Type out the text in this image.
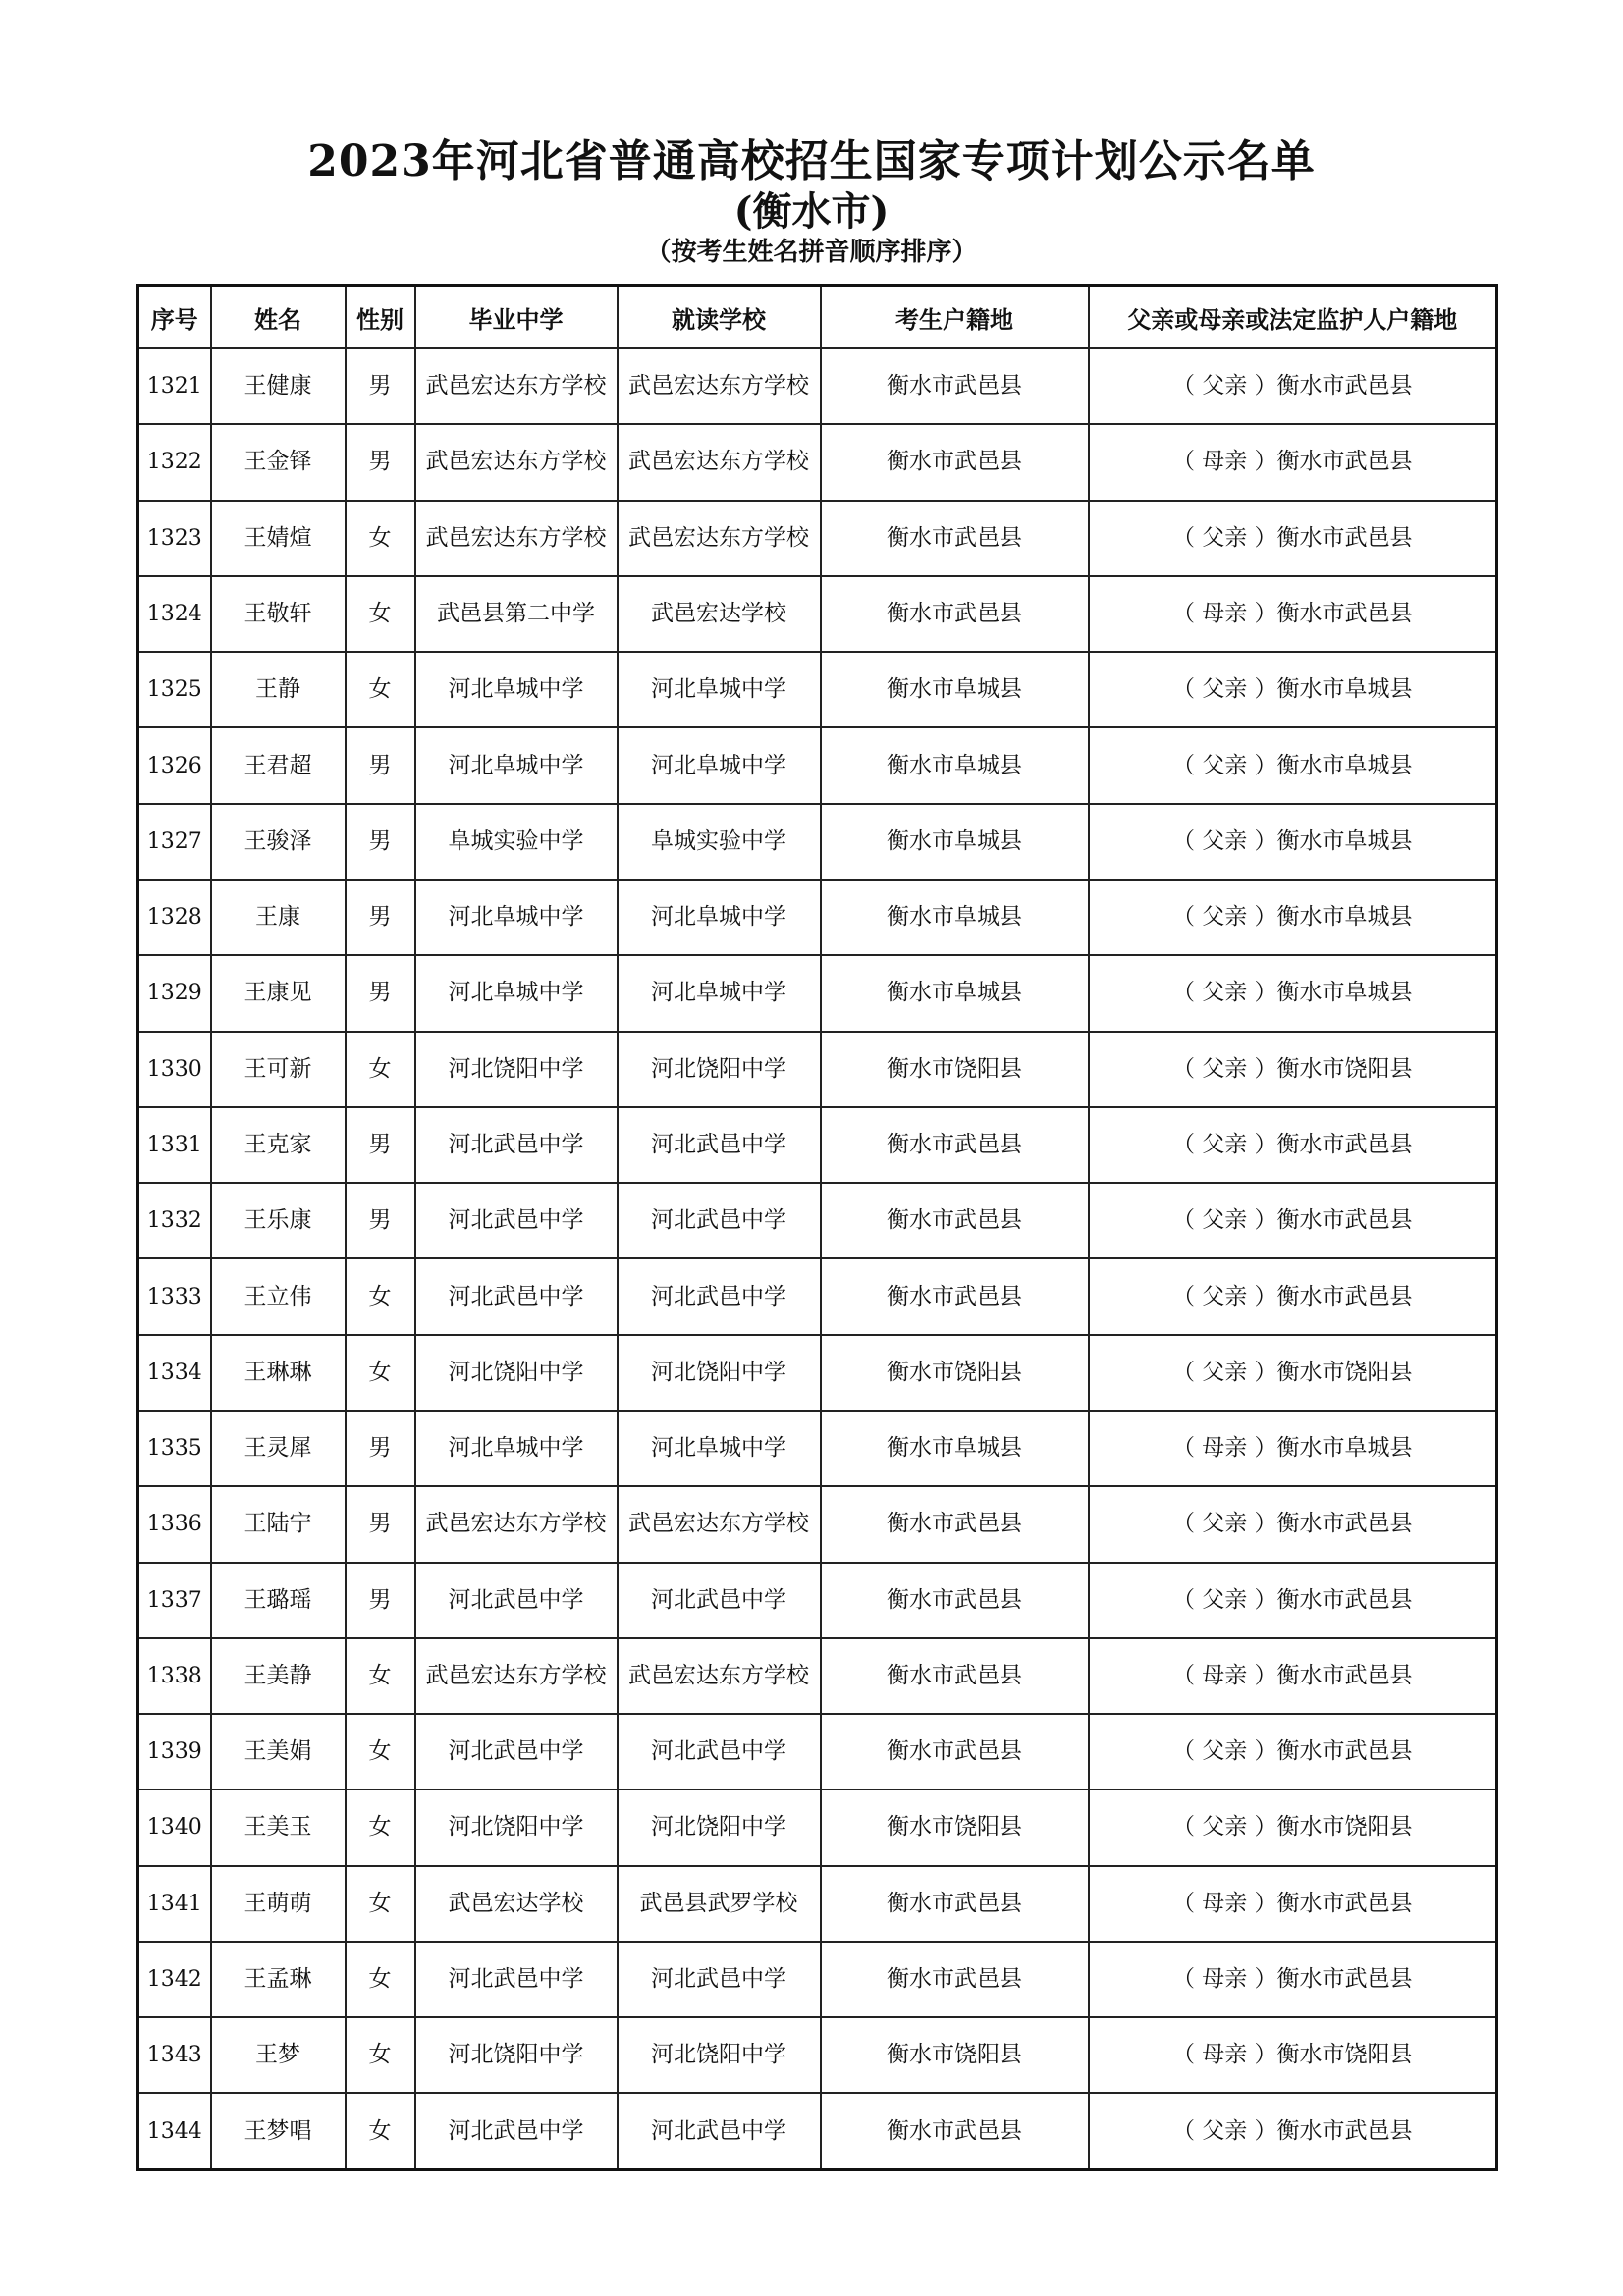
2023年河北省普通高校招生国家专项计划公示名单
(衡水市)
（按考生姓名拼音顺序排序）
序号	姓名	性别	毕业中学	就读学校	考生户籍地	父亲或母亲或法定监护人户籍地
1321	王健康	男	武邑宏达东方学校	武邑宏达东方学校	衡水市武邑县	（ 父亲 ）衡水市武邑县
1322	王金铎	男	武邑宏达东方学校	武邑宏达东方学校	衡水市武邑县	（ 母亲 ）衡水市武邑县
1323	王婧煊	女	武邑宏达东方学校	武邑宏达东方学校	衡水市武邑县	（ 父亲 ）衡水市武邑县
1324	王敬轩	女	武邑县第二中学	武邑宏达学校	衡水市武邑县	（ 母亲 ）衡水市武邑县
1325	王静	女	河北阜城中学	河北阜城中学	衡水市阜城县	（ 父亲 ）衡水市阜城县
1326	王君超	男	河北阜城中学	河北阜城中学	衡水市阜城县	（ 父亲 ）衡水市阜城县
1327	王骏泽	男	阜城实验中学	阜城实验中学	衡水市阜城县	（ 父亲 ）衡水市阜城县
1328	王康	男	河北阜城中学	河北阜城中学	衡水市阜城县	（ 父亲 ）衡水市阜城县
1329	王康见	男	河北阜城中学	河北阜城中学	衡水市阜城县	（ 父亲 ）衡水市阜城县
1330	王可新	女	河北饶阳中学	河北饶阳中学	衡水市饶阳县	（ 父亲 ）衡水市饶阳县
1331	王克家	男	河北武邑中学	河北武邑中学	衡水市武邑县	（ 父亲 ）衡水市武邑县
1332	王乐康	男	河北武邑中学	河北武邑中学	衡水市武邑县	（ 父亲 ）衡水市武邑县
1333	王立伟	女	河北武邑中学	河北武邑中学	衡水市武邑县	（ 父亲 ）衡水市武邑县
1334	王琳琳	女	河北饶阳中学	河北饶阳中学	衡水市饶阳县	（ 父亲 ）衡水市饶阳县
1335	王灵犀	男	河北阜城中学	河北阜城中学	衡水市阜城县	（ 母亲 ）衡水市阜城县
1336	王陆宁	男	武邑宏达东方学校	武邑宏达东方学校	衡水市武邑县	（ 父亲 ）衡水市武邑县
1337	王璐瑶	男	河北武邑中学	河北武邑中学	衡水市武邑县	（ 父亲 ）衡水市武邑县
1338	王美静	女	武邑宏达东方学校	武邑宏达东方学校	衡水市武邑县	（ 母亲 ）衡水市武邑县
1339	王美娟	女	河北武邑中学	河北武邑中学	衡水市武邑县	（ 父亲 ）衡水市武邑县
1340	王美玉	女	河北饶阳中学	河北饶阳中学	衡水市饶阳县	（ 父亲 ）衡水市饶阳县
1341	王萌萌	女	武邑宏达学校	武邑县武罗学校	衡水市武邑县	（ 母亲 ）衡水市武邑县
1342	王孟琳	女	河北武邑中学	河北武邑中学	衡水市武邑县	（ 母亲 ）衡水市武邑县
1343	王梦	女	河北饶阳中学	河北饶阳中学	衡水市饶阳县	（ 母亲 ）衡水市饶阳县
1344	王梦唱	女	河北武邑中学	河北武邑中学	衡水市武邑县	（ 父亲 ）衡水市武邑县
